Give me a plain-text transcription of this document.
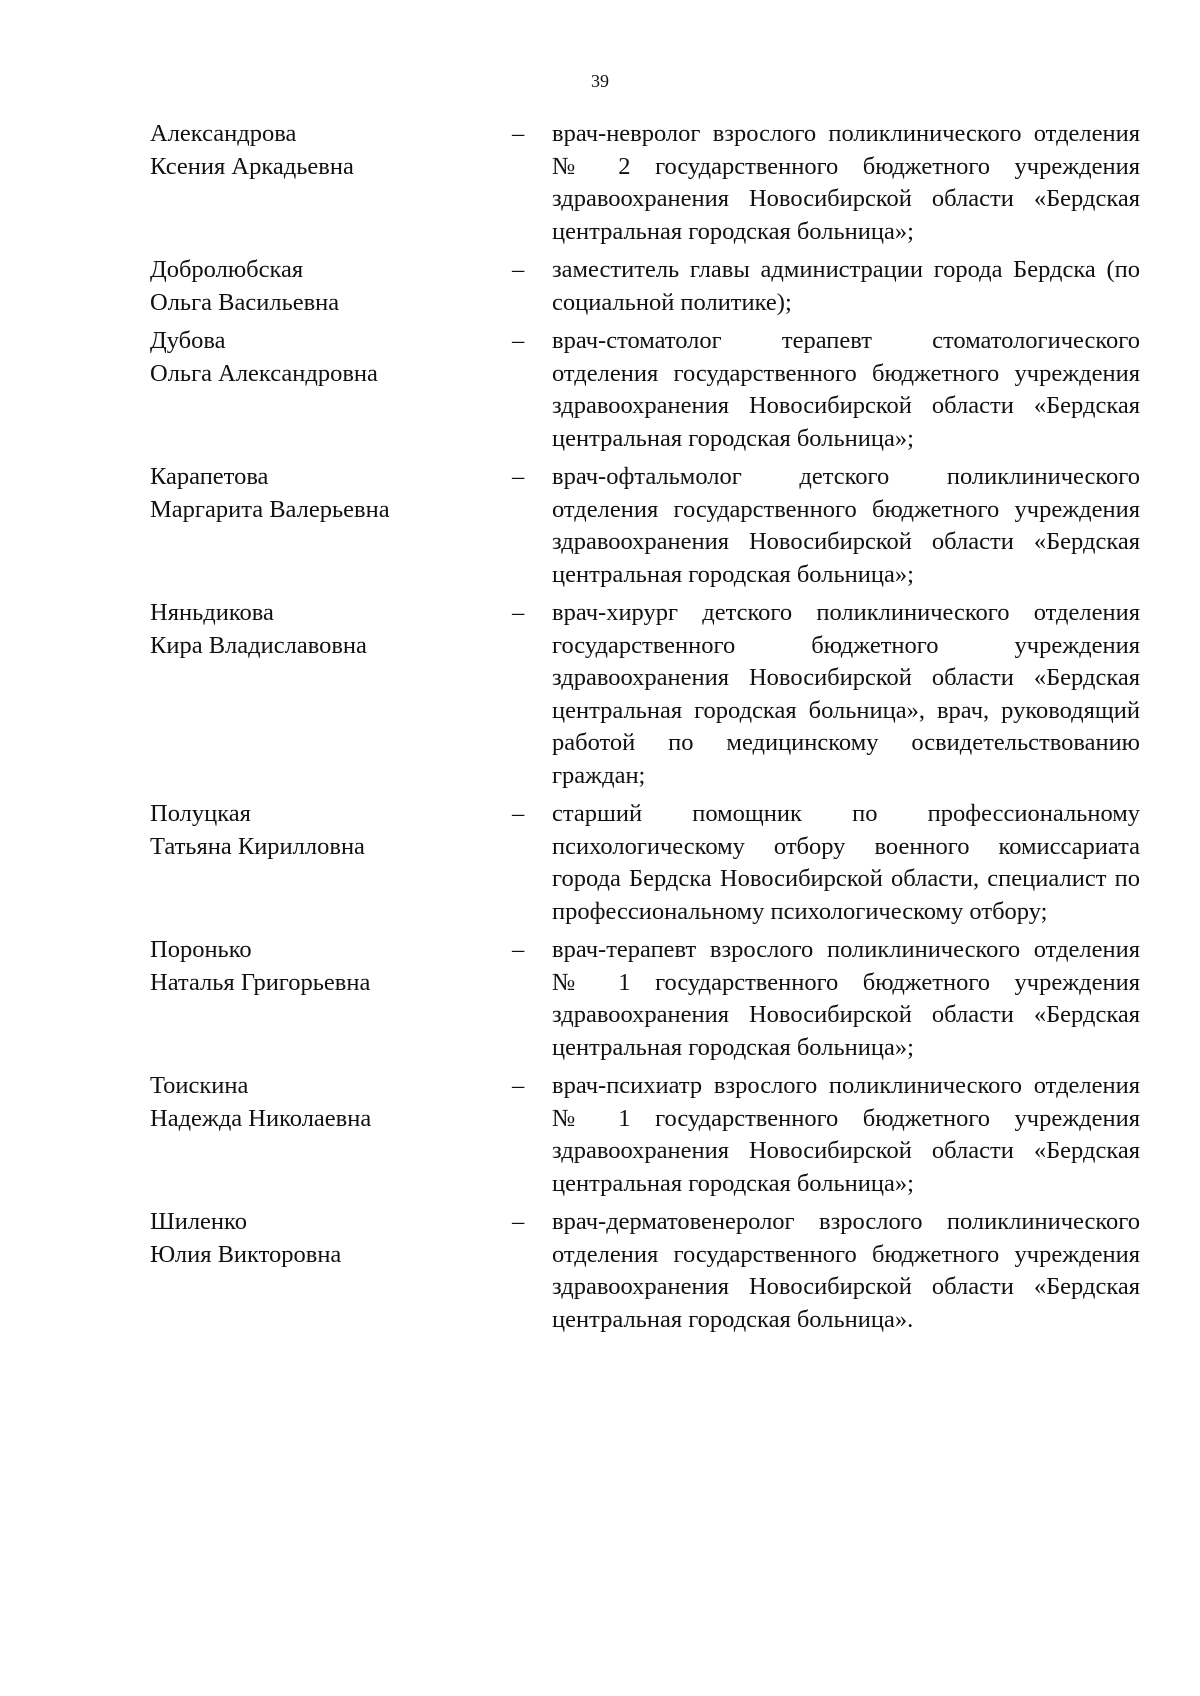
39
Александрова
Ксения Аркадьевна
–	врач-невролог взрослого поликлинического отделения № 2 государственного бюджетного учреждения здравоохранения Новосибирской области «Бердская центральная городская больница»;
Добролюбская
Ольга Васильевна
–	заместитель главы администрации города Бердска (по социальной политике);
Дубова
Ольга Александровна
–	врач-стоматолог терапевт стоматологического отделения государственного бюджетного учреждения здравоохранения Новосибирской области «Бердская центральная городская больница»;
Карапетова
Маргарита Валерьевна
–	врач-офтальмолог детского поликлинического отделения государственного бюджетного учреждения здравоохранения Новосибирской области «Бердская центральная городская больница»;
Няньдикова
Кира Владиславовна
–	врач-хирург детского поликлинического отделения государственного бюджетного учреждения здравоохранения Новосибирской области «Бердская центральная городская больница», врач, руководящий работой по медицинскому освидетельствованию граждан;
Полуцкая
Татьяна Кирилловна
–	старший помощник по профессиональному психологическому отбору военного комиссариата города Бердска Новосибирской области, специалист по профессиональному психологическому отбору;
Поронько
Наталья Григорьевна
–	врач-терапевт взрослого поликлинического отделения № 1 государственного бюджетного учреждения здравоохранения Новосибирской области «Бердская центральная городская больница»;
Тоискина
Надежда Николаевна
–	врач-психиатр взрослого поликлинического отделения № 1 государственного бюджетного учреждения здравоохранения Новосибирской области «Бердская центральная городская больница»;
Шиленко
Юлия Викторовна
–	врач-дерматовенеролог взрослого поликлинического отделения государственного бюджетного учреждения здравоохранения Новосибирской области «Бердская центральная городская больница».
